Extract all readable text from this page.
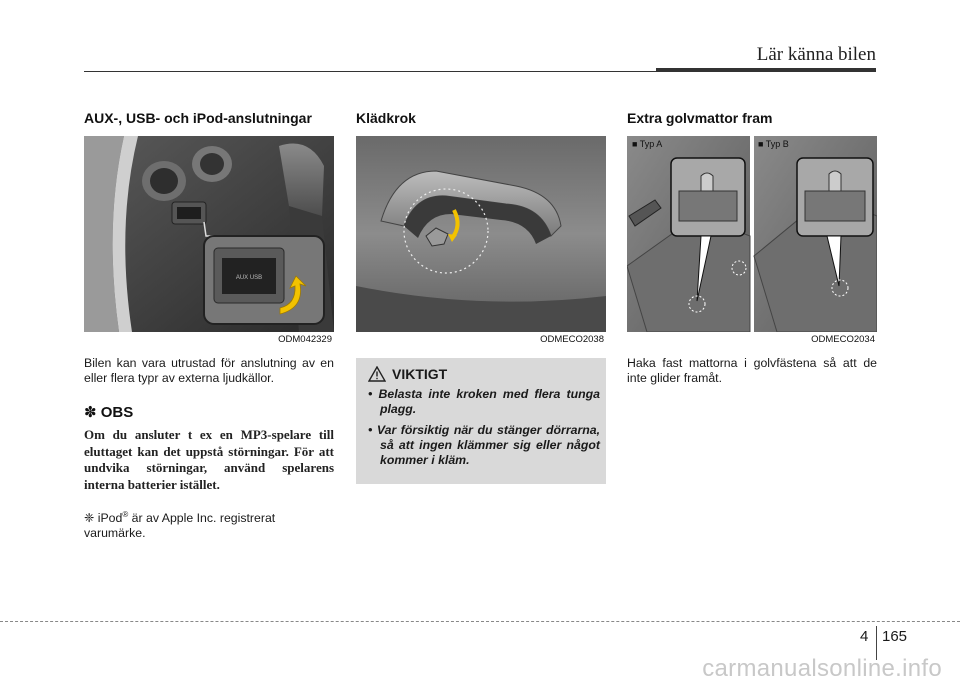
Lär känna bilen
AUX-, USB- och iPod-anslutningar
AUX USB
ODM042329

Bilen kan vara utrustad för anslutning av en eller flera typr av externa ljudkällor.

✽ OBS
Om du ansluter t ex en MP3-spelare till eluttaget kan det uppstå störningar. För att undvika störningar, använd spelarens interna batterier istället.
❈ iPod® är av Apple Inc. registrerat varumärke.
Klädkrok
ODMECO2038
VIKTIGT
• Belasta inte kroken med flera tunga plagg.
• Var försiktig när du stänger dörrarna, så att ingen klämmer sig eller något kommer i kläm.
Extra golvmattor fram
■ Typ A	■ Typ B
ODMECO2034

Haka fast mattorna i golvfästena så att de inte glider framåt.

4 165
carmanualsonline.info
